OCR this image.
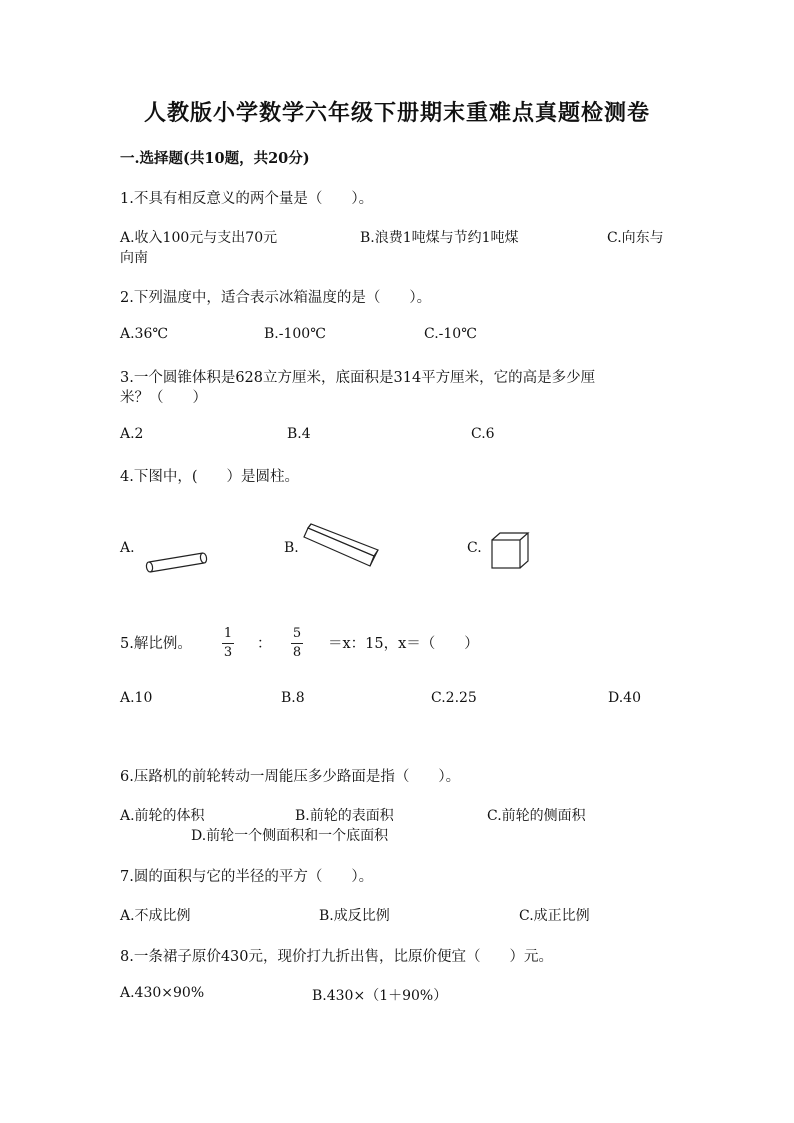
人教版小学数学六年级下册期末重难点真题检测卷
一.选择题(共10题，共20分)
1.不具有相反意义的两个量是（　　）。
A.收入100元与支出70元	B.浪费1吨煤与节约1吨煤	C.向东与
向南
2.下列温度中，适合表示冰箱温度的是（　　）。
A.36℃	B.-100℃	C.-10℃
3.一个圆锥体积是628立方厘米，底面积是314平方厘米，它的高是多少厘
米？（　　）
A.2	B.4	C.6
4.下图中，(　　）是圆柱。
A.	B.	C.
5.解比例。
1
3
：
5
8
＝x：15，x＝（　　）
A.10	B.8	C.2.25	D.40
6.压路机的前轮转动一周能压多少路面是指（　　）。
A.前轮的体积	B.前轮的表面积	C.前轮的侧面积
D.前轮一个侧面积和一个底面积
7.圆的面积与它的半径的平方（　　）。
A.不成比例	B.成反比例	C.成正比例
8.一条裙子原价430元，现价打九折出售，比原价便宜（　　）元。
A.430×90%	B.430×（1＋90%）
